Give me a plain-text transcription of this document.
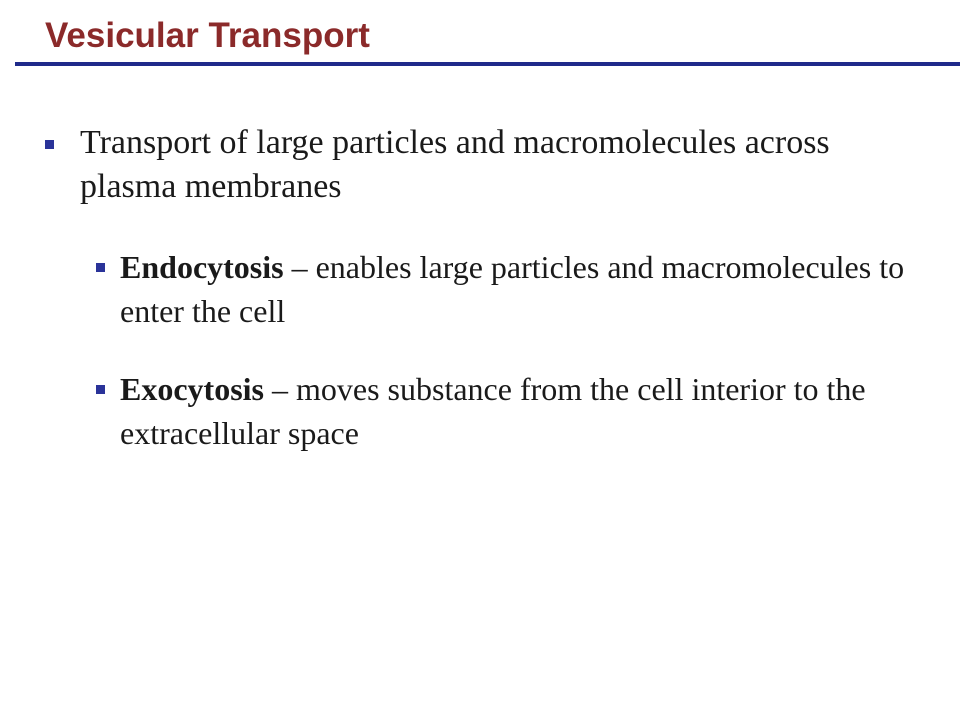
Vesicular Transport

Transport of large particles and macromolecules across plasma membranes

Endocytosis – enables large particles and macromolecules to enter the cell

Exocytosis – moves substance from the cell interior to the extracellular space
